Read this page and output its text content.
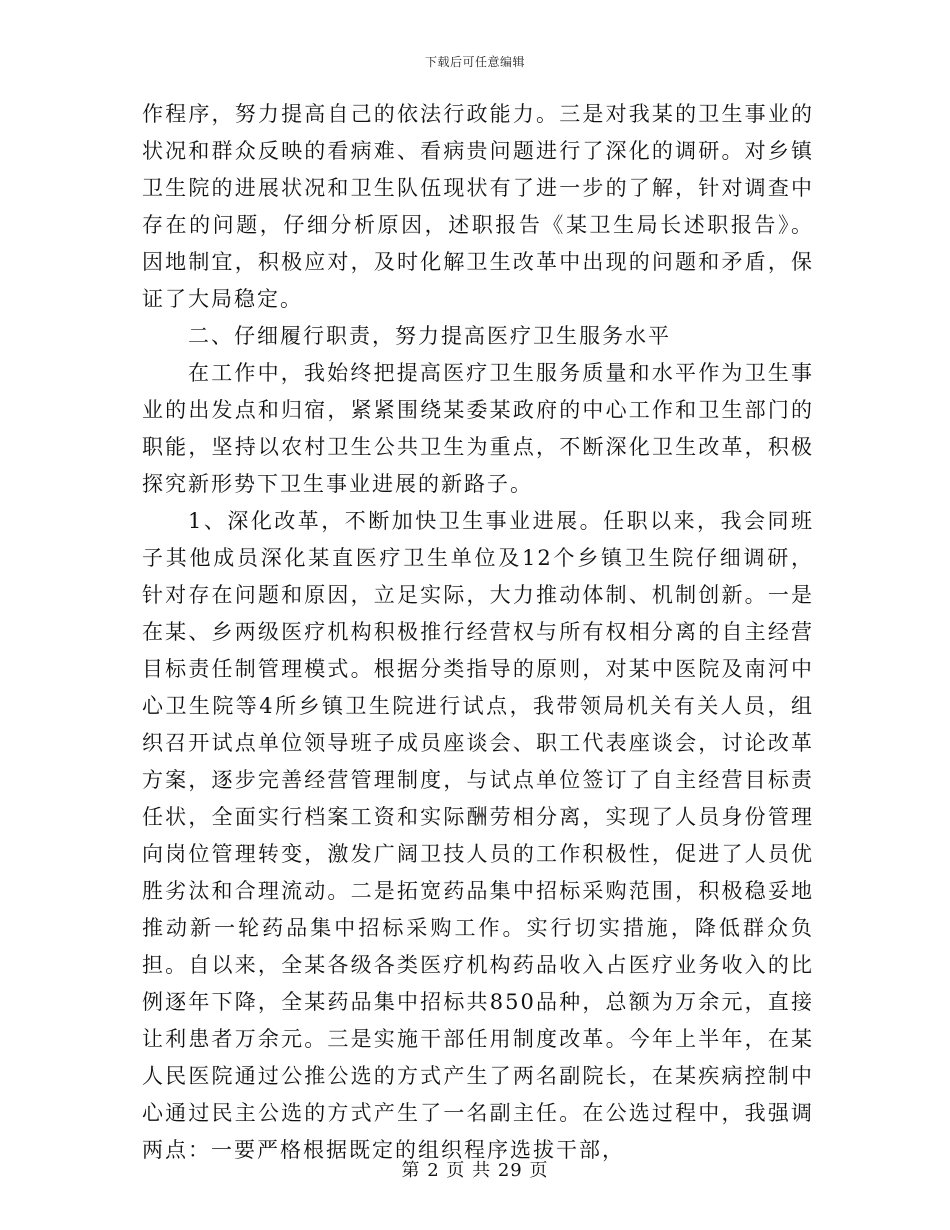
下载后可任意编辑

作程序，努力提高自己的依法行政能力。三是对我某的卫生事业的状况和群众反映的看病难、看病贵问题进行了深化的调研。对乡镇卫生院的进展状况和卫生队伍现状有了进一步的了解，针对调查中存在的问题，仔细分析原因，述职报告《某卫生局长述职报告》。 因地制宜，积极应对，及时化解卫生改革中出现的问题和矛盾，保证了大局稳定。

二、仔细履行职责，努力提高医疗卫生服务水平

在工作中，我始终把提高医疗卫生服务质量和水平作为卫生事业的出发点和归宿，紧紧围绕某委某政府的中心工作和卫生部门的职能，坚持以农村卫生公共卫生为重点，不断深化卫生改革，积极探究新形势下卫生事业进展的新路子。

1、深化改革，不断加快卫生事业进展。任职以来，我会同班子其他成员深化某直医疗卫生单位及12个乡镇卫生院仔细调研，针对存在问题和原因，立足实际，大力推动体制、机制创新。一是在某、乡两级医疗机构积极推行经营权与所有权相分离的自主经营目标责任制管理模式。根据分类指导的原则，对某中医院及南河中心卫生院等4所乡镇卫生院进行试点，我带领局机关有关人员，组织召开试点单位领导班子成员座谈会、职工代表座谈会，讨论改革方案，逐步完善经营管理制度，与试点单位签订了自主经营目标责任状，全面实行档案工资和实际酬劳相分离，实现了人员身份管理向岗位管理转变，激发广阔卫技人员的工作积极性，促进了人员优胜劣汰和合理流动。二是拓宽药品集中招标采购范围，积极稳妥地推动新一轮药品集中招标采购工作。实行切实措施，降低群众负担。自以来，全某各级各类医疗机构药品收入占医疗业务收入的比例逐年下降，全某药品集中招标共850品种，总额为万余元，直接让利患者万余元。三是实施干部任用制度改革。今年上半年，在某人民医院通过公推公选的方式产生了两名副院长，在某疾病控制中心通过民主公选的方式产生了一名副主任。在公选过程中，我强调两点：一要严格根据既定的组织程序选拔干部，

第 2 页 共 29 页
